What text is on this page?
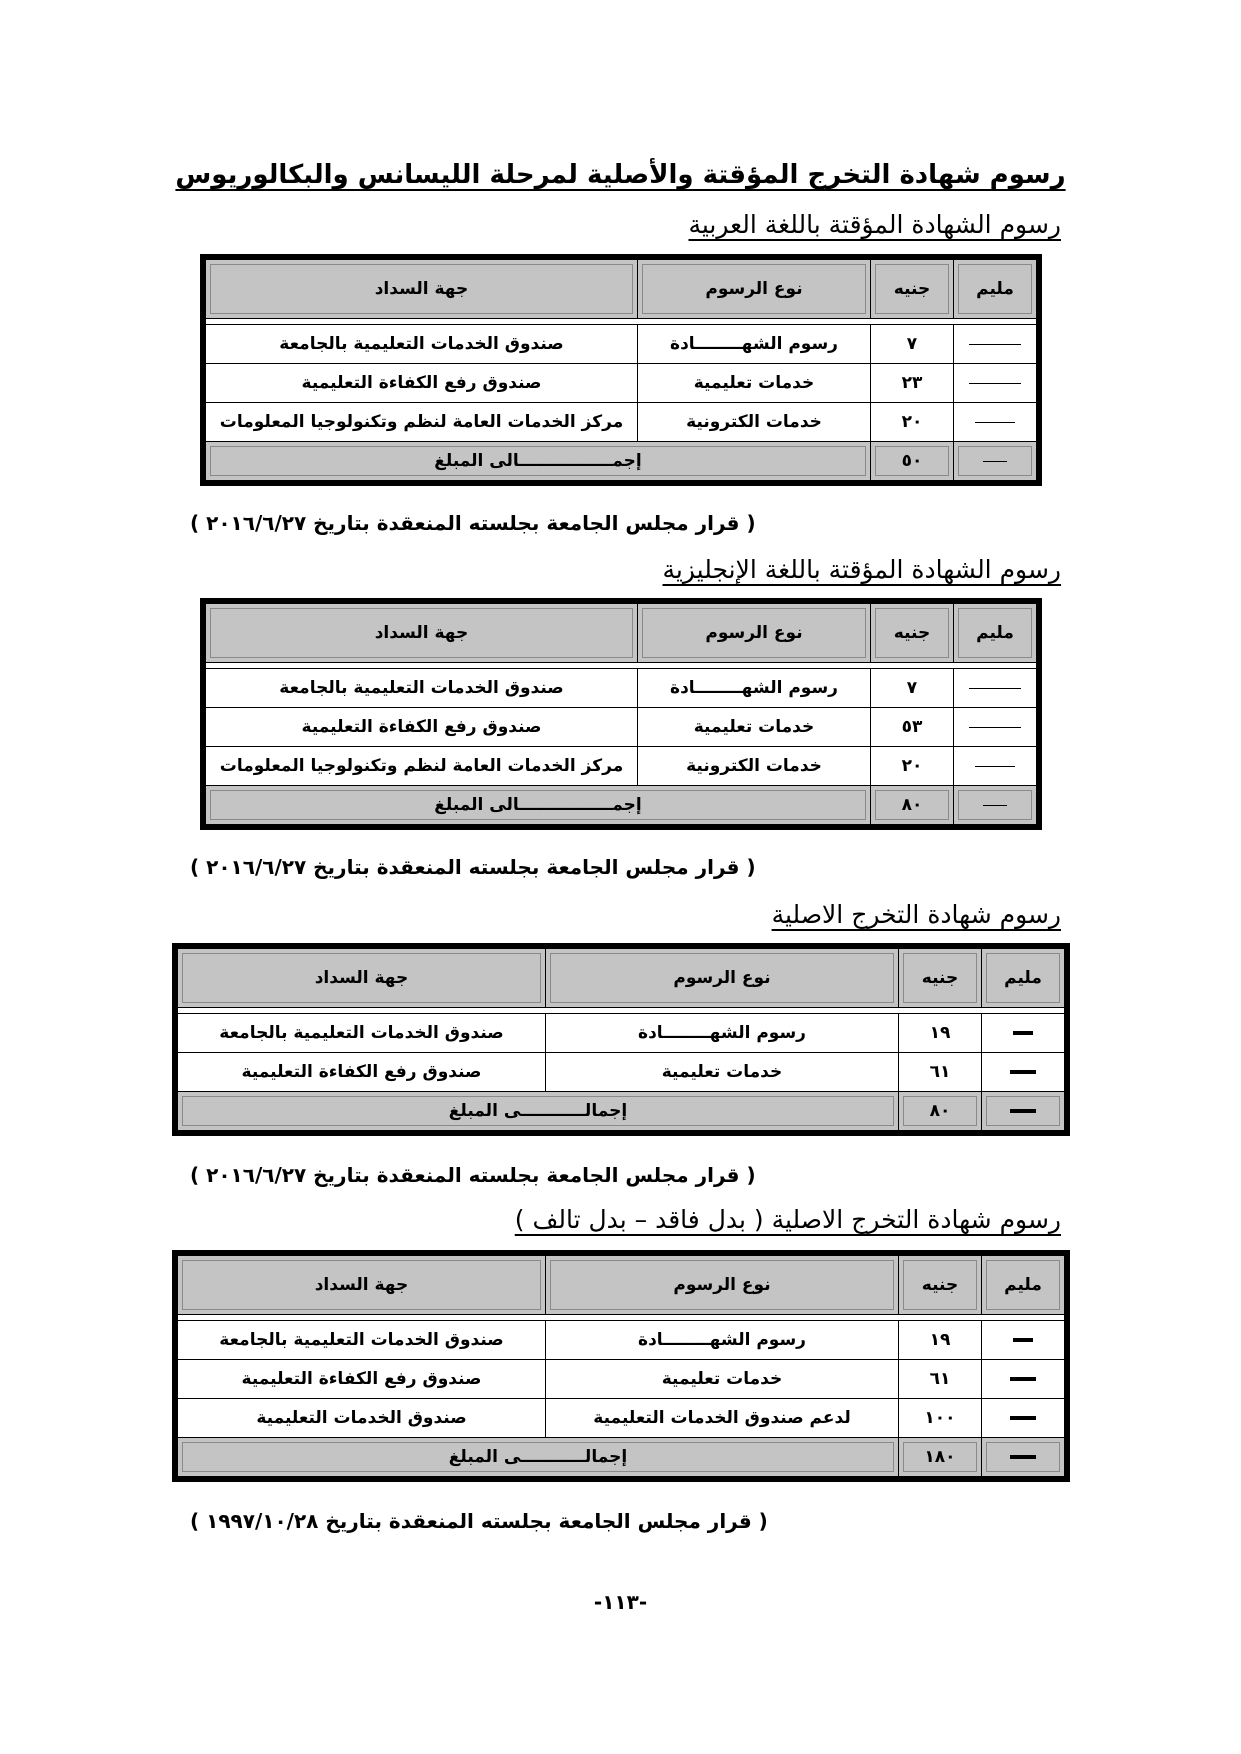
رسوم شهادة التخرج المؤقتة والأصلية لمرحلة الليسانس والبكالوريوس
رسوم الشهادة المؤقتة باللغة العربية
مليم	جنيه	نوع الرسوم	جهة السداد

	٧	رسوم الشهــــــــادة	صندوق الخدمات التعليمية بالجامعة
	٢٣	خدمات تعليمية	صندوق رفع الكفاءة التعليمية
	٢٠	خدمات الكترونية	مركز الخدمات العامة لنظم وتكنولوجيا المعلومات
	٥٠	إجمــــــــــــــــالى المبلغ	
( قرار مجلس الجامعة بجلسته المنعقدة بتاريخ ٢٠١٦/٦/٢٧ )
رسوم الشهادة المؤقتة باللغة الإنجليزية
مليم	جنيه	نوع الرسوم	جهة السداد

	٧	رسوم الشهــــــــادة	صندوق الخدمات التعليمية بالجامعة
	٥٣	خدمات تعليمية	صندوق رفع الكفاءة التعليمية
	٢٠	خدمات الكترونية	مركز الخدمات العامة لنظم وتكنولوجيا المعلومات
	٨٠	إجمــــــــــــــــالى المبلغ	
( قرار مجلس الجامعة بجلسته المنعقدة بتاريخ ٢٠١٦/٦/٢٧ )
رسوم شهادة التخرج الاصلية
مليم	جنيه	نوع الرسوم	جهة السداد

	١٩	رسوم الشهــــــــادة	صندوق الخدمات التعليمية بالجامعة
	٦١	خدمات تعليمية	صندوق رفع الكفاءة التعليمية
	٨٠	إجمالـــــــــــى المبلغ	
( قرار مجلس الجامعة بجلسته المنعقدة بتاريخ ٢٠١٦/٦/٢٧ )
رسوم شهادة التخرج الاصلية ( بدل فاقد – بدل تالف )
مليم	جنيه	نوع الرسوم	جهة السداد

	١٩	رسوم الشهــــــــادة	صندوق الخدمات التعليمية بالجامعة
	٦١	خدمات تعليمية	صندوق رفع الكفاءة التعليمية
	١٠٠	لدعم صندوق الخدمات التعليمية	صندوق الخدمات التعليمية
	١٨٠	إجمالـــــــــــى المبلغ	
( قرار مجلس الجامعة بجلسته المنعقدة بتاريخ ١٩٩٧/١٠/٢٨ )
-١١٣-
